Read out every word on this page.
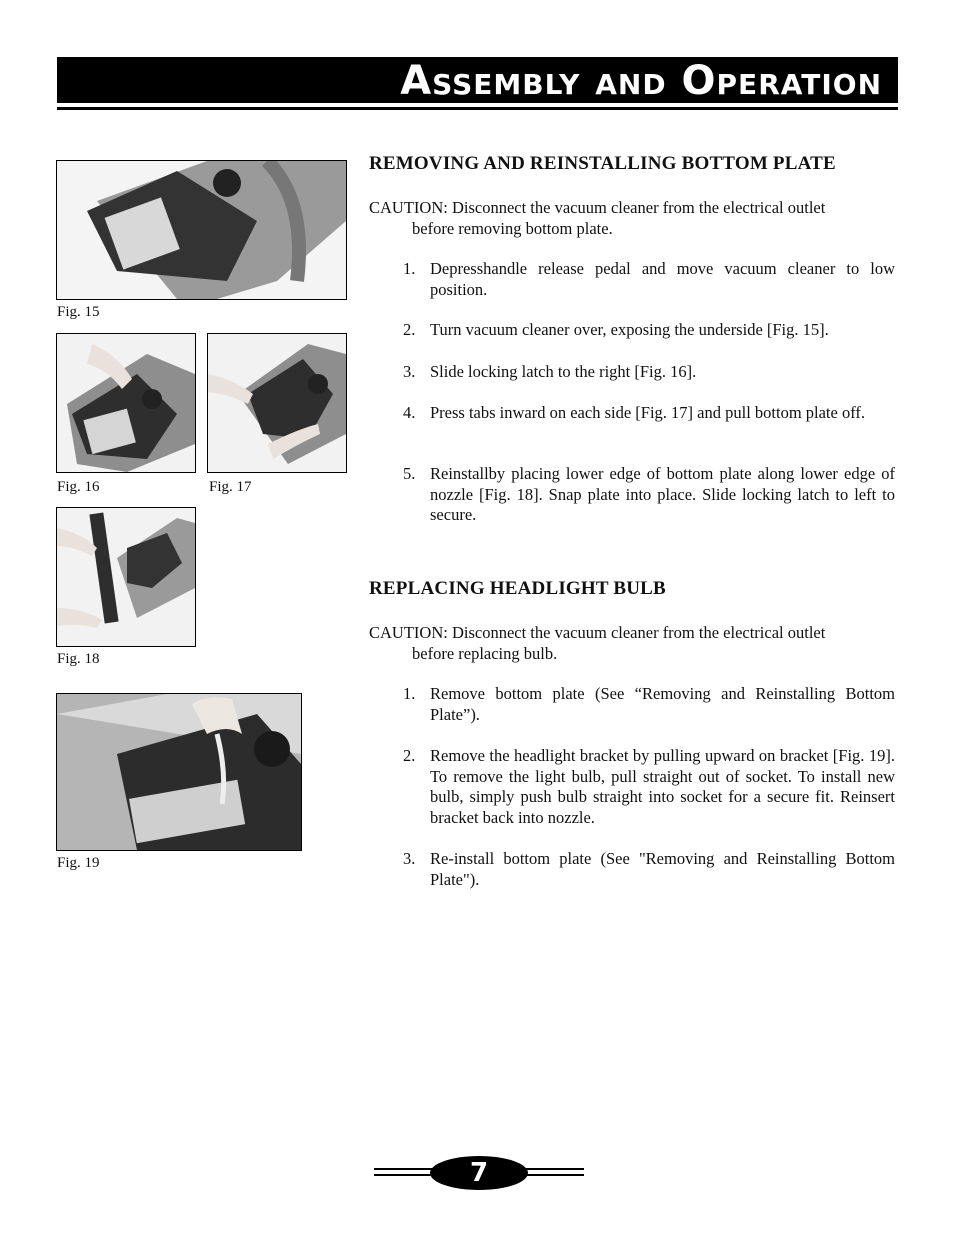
Assembly and Operation
Fig. 15
Fig. 16	Fig. 17
Fig. 18
Fig. 19
REMOVING AND REINSTALLING BOTTOM PLATE
CAUTION: Disconnect the vacuum cleaner from the electrical outlet
before removing bottom plate.
1. Depresshandle release pedal and move vacuum cleaner to low position.
2. Turn vacuum cleaner over, exposing the underside [Fig. 15].
3. Slide locking latch to the right [Fig. 16].
4. Press tabs inward on each side [Fig. 17] and pull bottom plate off.
5. Reinstallby placing lower edge of bottom plate along lower edge of nozzle [Fig. 18]. Snap plate into place. Slide locking latch to left to secure.
REPLACING HEADLIGHT BULB
CAUTION: Disconnect the vacuum cleaner from the electrical outlet
before replacing bulb.
1. Remove bottom plate (See “Removing and Reinstalling Bottom Plate”).
2. Remove the headlight bracket by pulling upward on bracket [Fig. 19]. To remove the light bulb, pull straight out of socket. To install new bulb, simply push bulb straight into socket for a secure fit. Reinsert bracket back into nozzle.
3. Re-install bottom plate (See "Removing and Reinstalling Bottom Plate").
7
